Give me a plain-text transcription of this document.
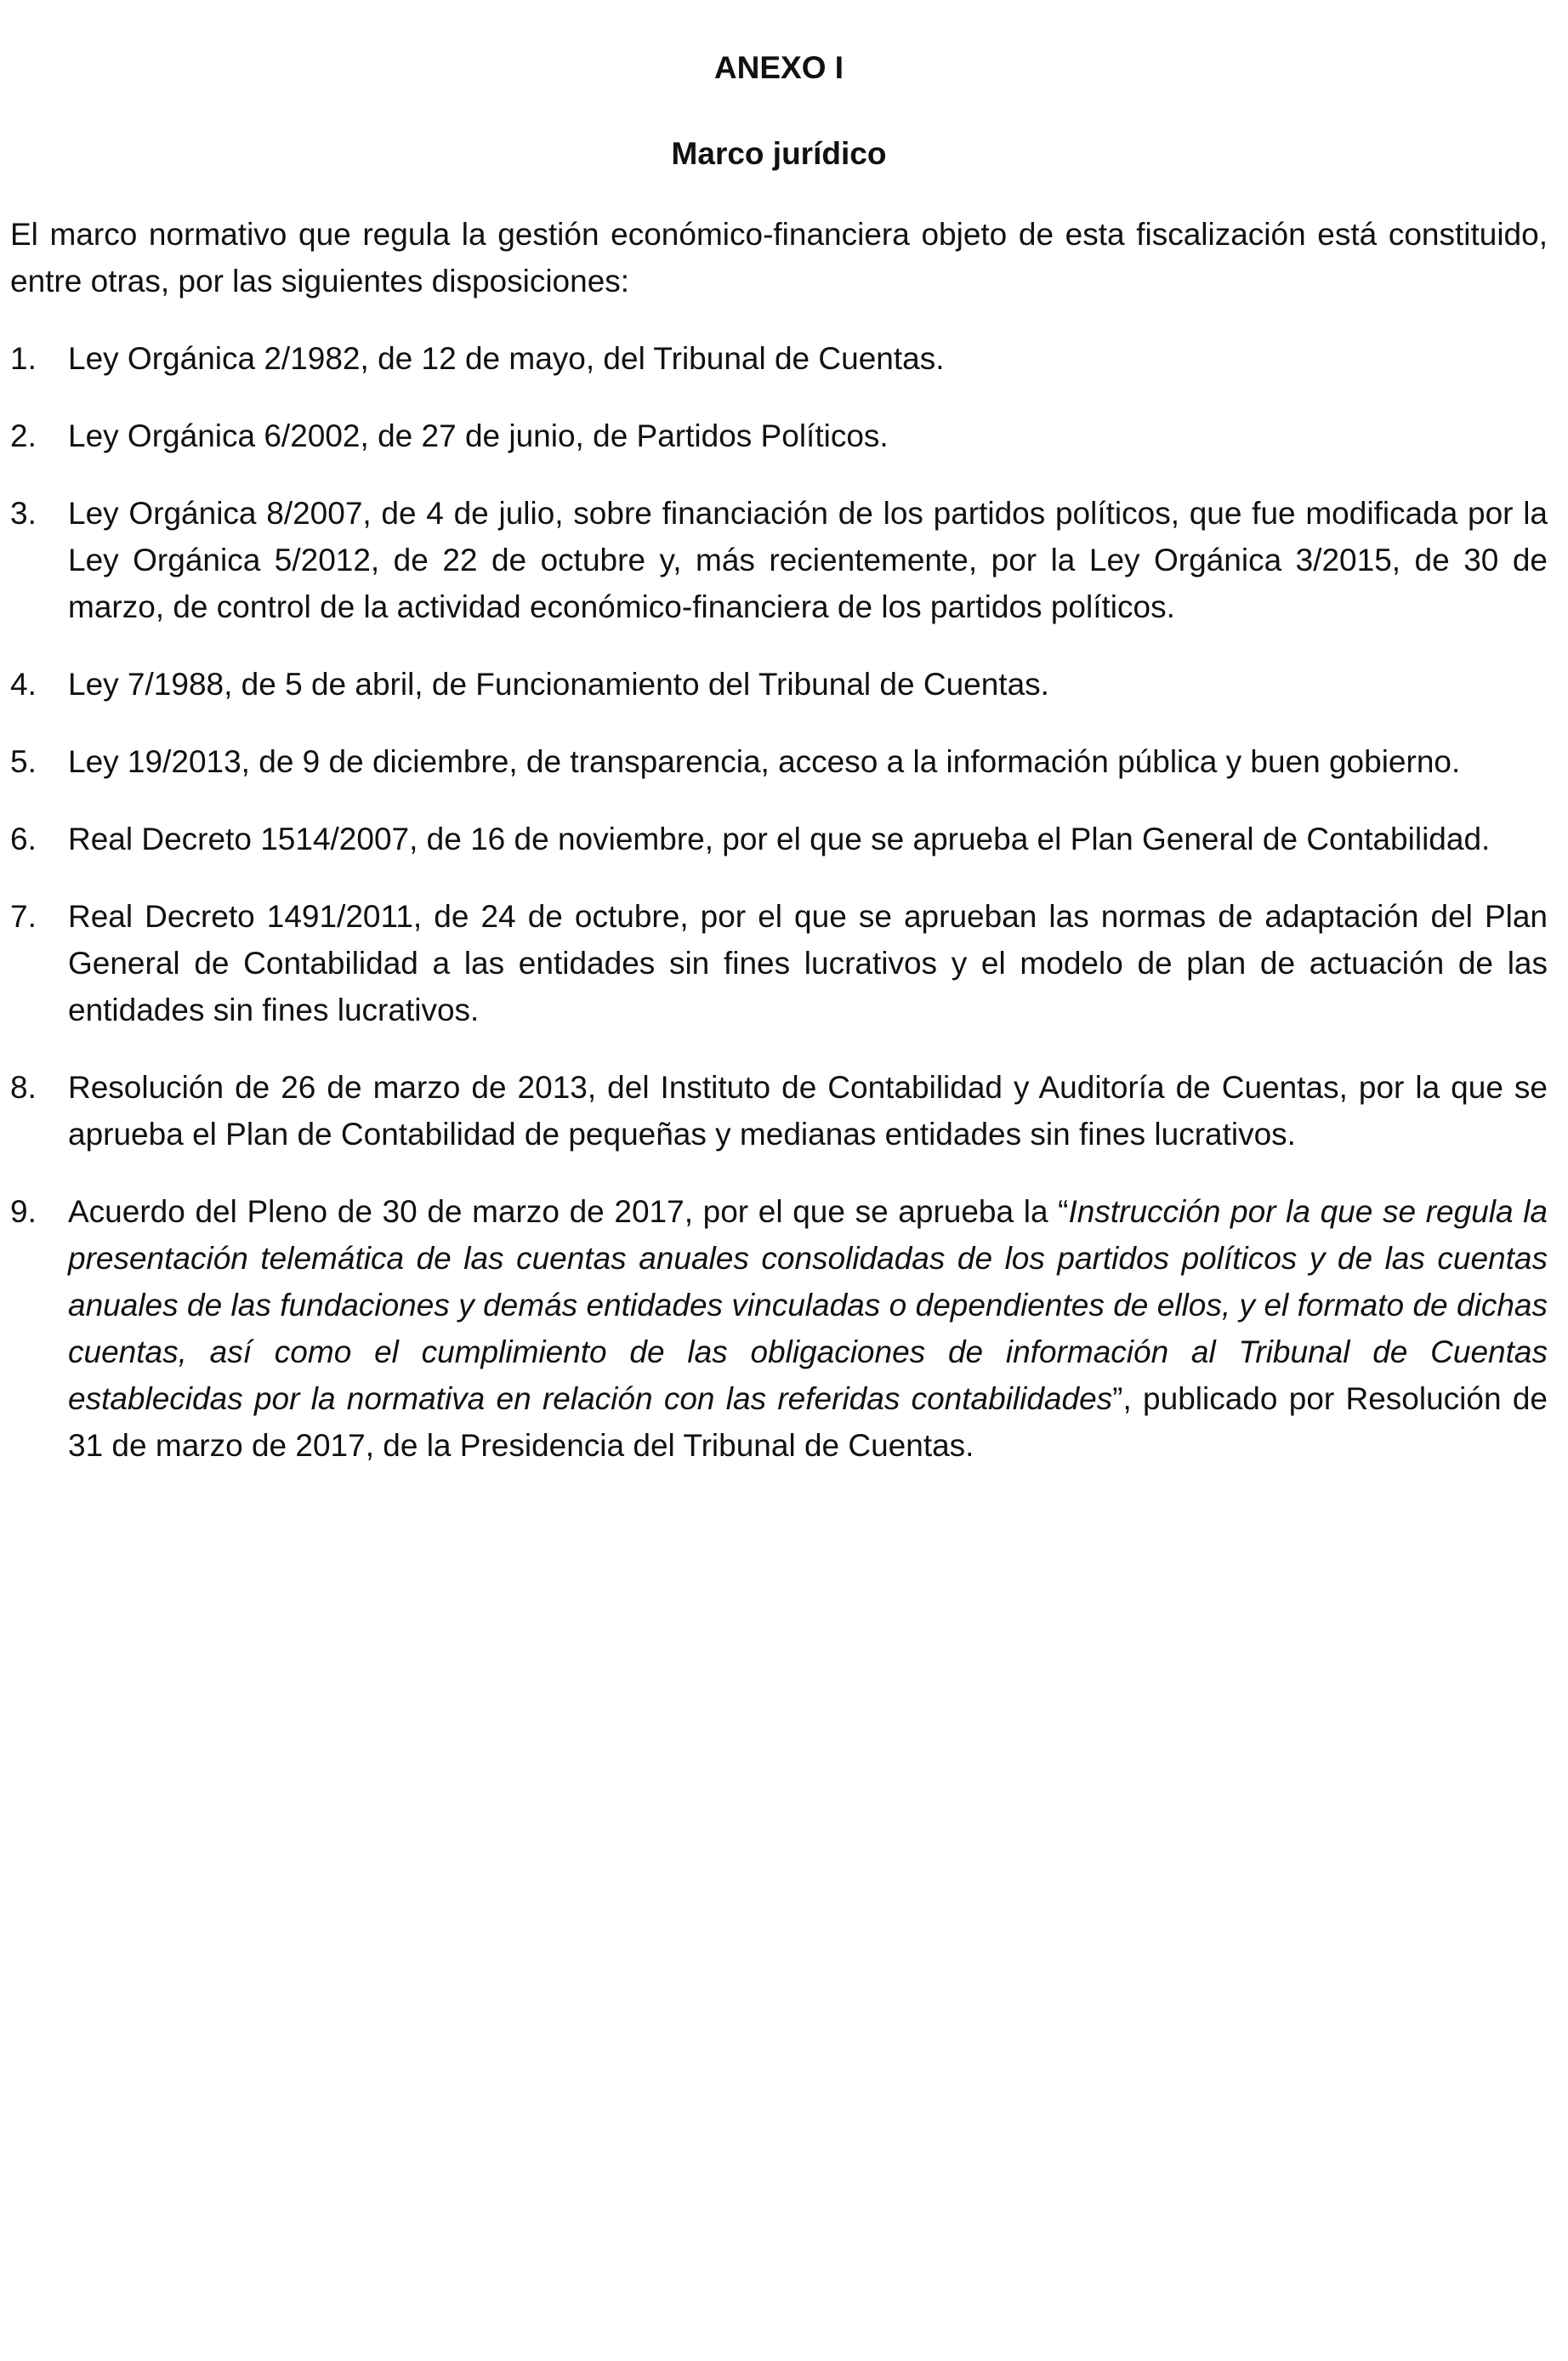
ANEXO I
Marco jurídico

El marco normativo que regula la gestión económico-financiera objeto de esta fiscalización está constituido, entre otras, por las siguientes disposiciones:

1.	Ley Orgánica 2/1982, de 12 de mayo, del Tribunal de Cuentas.
2.	Ley Orgánica 6/2002, de 27 de junio, de Partidos Políticos.
3.	Ley Orgánica 8/2007, de 4 de julio, sobre financiación de los partidos políticos, que fue modificada por la Ley Orgánica 5/2012, de 22 de octubre y, más recientemente, por la Ley Orgánica 3/2015, de 30 de marzo, de control de la actividad económico-financiera de los partidos políticos.
4.	Ley 7/1988, de 5 de abril, de Funcionamiento del Tribunal de Cuentas.
5.	Ley 19/2013, de 9 de diciembre, de transparencia, acceso a la información pública y buen gobierno.
6.	Real Decreto 1514/2007, de 16 de noviembre, por el que se aprueba el Plan General de Contabilidad.
7.	Real Decreto 1491/2011, de 24 de octubre, por el que se aprueban las normas de adaptación del Plan General de Contabilidad a las entidades sin fines lucrativos y el modelo de plan de actuación de las entidades sin fines lucrativos.
8.	Resolución de 26 de marzo de 2013, del Instituto de Contabilidad y Auditoría de Cuentas, por la que se aprueba el Plan de Contabilidad de pequeñas y medianas entidades sin fines lucrativos.
9.	Acuerdo del Pleno de 30 de marzo de 2017, por el que se aprueba la “Instrucción por la que se regula la presentación telemática de las cuentas anuales consolidadas de los partidos políticos y de las cuentas anuales de las fundaciones y demás entidades vinculadas o dependientes de ellos, y el formato de dichas cuentas, así como el cumplimiento de las obligaciones de información al Tribunal de Cuentas establecidas por la normativa en relación con las referidas contabilidades”, publicado por Resolución de 31 de marzo de 2017, de la Presidencia del Tribunal de Cuentas.
